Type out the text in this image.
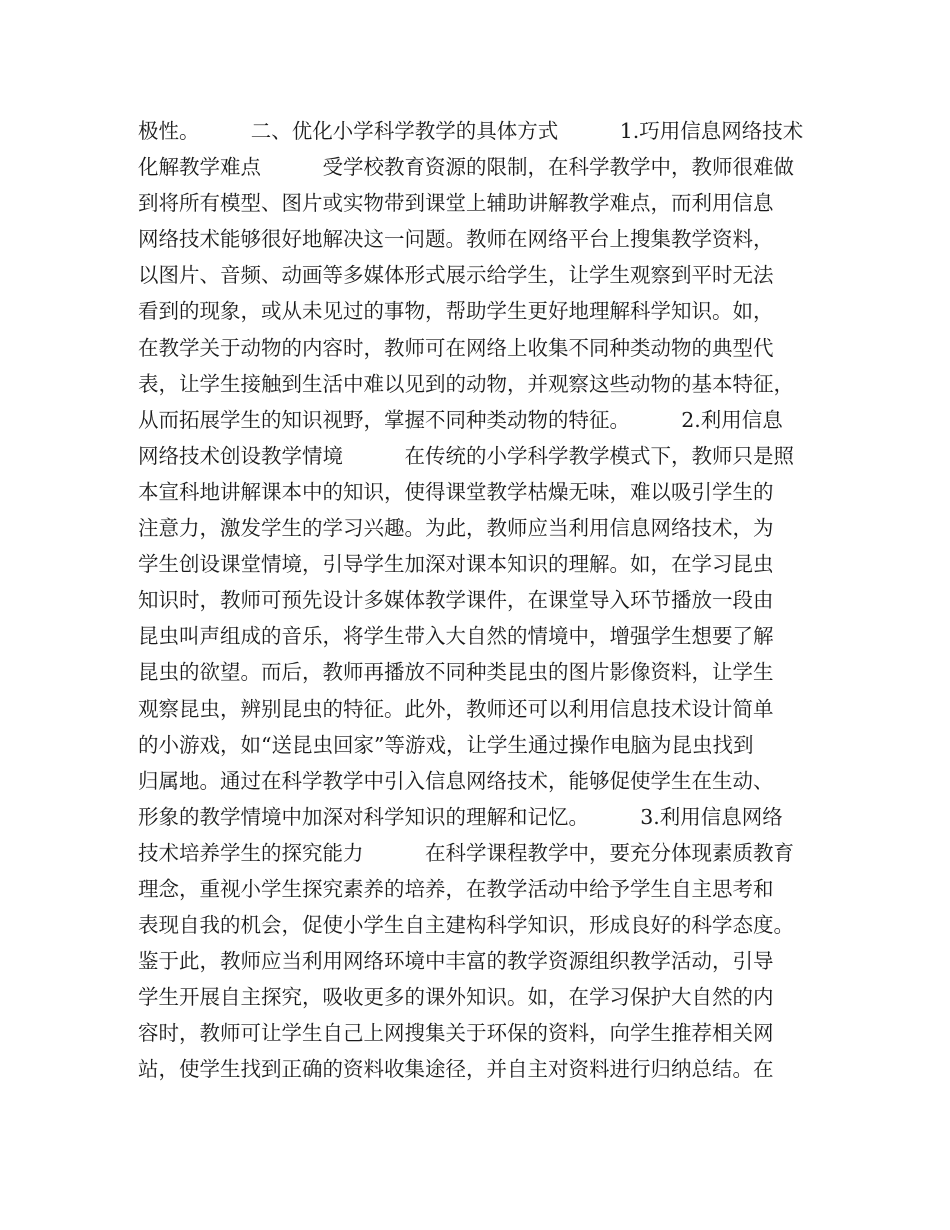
极性。　　　二、优化小学科学教学的具体方式　　　1.巧用信息网络技术
化解教学难点　　　受学校教育资源的限制，在科学教学中，教师很难做
到将所有模型、图片或实物带到课堂上辅助讲解教学难点，而利用信息
网络技术能够很好地解决这一问题。教师在网络平台上搜集教学资料，
以图片、音频、动画等多媒体形式展示给学生，让学生观察到平时无法
看到的现象，或从未见过的事物，帮助学生更好地理解科学知识。如，
在教学关于动物的内容时，教师可在网络上收集不同种类动物的典型代
表，让学生接触到生活中难以见到的动物，并观察这些动物的基本特征，
从而拓展学生的知识视野，掌握不同种类动物的特征。　　　2.利用信息
网络技术创设教学情境　　　在传统的小学科学教学模式下，教师只是照
本宣科地讲解课本中的知识，使得课堂教学枯燥无味，难以吸引学生的
注意力，激发学生的学习兴趣。为此，教师应当利用信息网络技术，为
学生创设课堂情境，引导学生加深对课本知识的理解。如，在学习昆虫
知识时，教师可预先设计多媒体教学课件，在课堂导入环节播放一段由
昆虫叫声组成的音乐，将学生带入大自然的情境中，增强学生想要了解
昆虫的欲望。而后，教师再播放不同种类昆虫的图片影像资料，让学生
观察昆虫，辨别昆虫的特征。此外，教师还可以利用信息技术设计简单
的小游戏，如“送昆虫回家”等游戏，让学生通过操作电脑为昆虫找到
归属地。通过在科学教学中引入信息网络技术，能够促使学生在生动、
形象的教学情境中加深对科学知识的理解和记忆。　　　3.利用信息网络
技术培养学生的探究能力　　　在科学课程教学中，要充分体现素质教育
理念，重视小学生探究素养的培养，在教学活动中给予学生自主思考和
表现自我的机会，促使小学生自主建构科学知识，形成良好的科学态度。
鉴于此，教师应当利用网络环境中丰富的教学资源组织教学活动，引导
学生开展自主探究，吸收更多的课外知识。如，在学习保护大自然的内
容时，教师可让学生自己上网搜集关于环保的资料，向学生推荐相关网
站，使学生找到正确的资料收集途径，并自主对资料进行归纳总结。在
